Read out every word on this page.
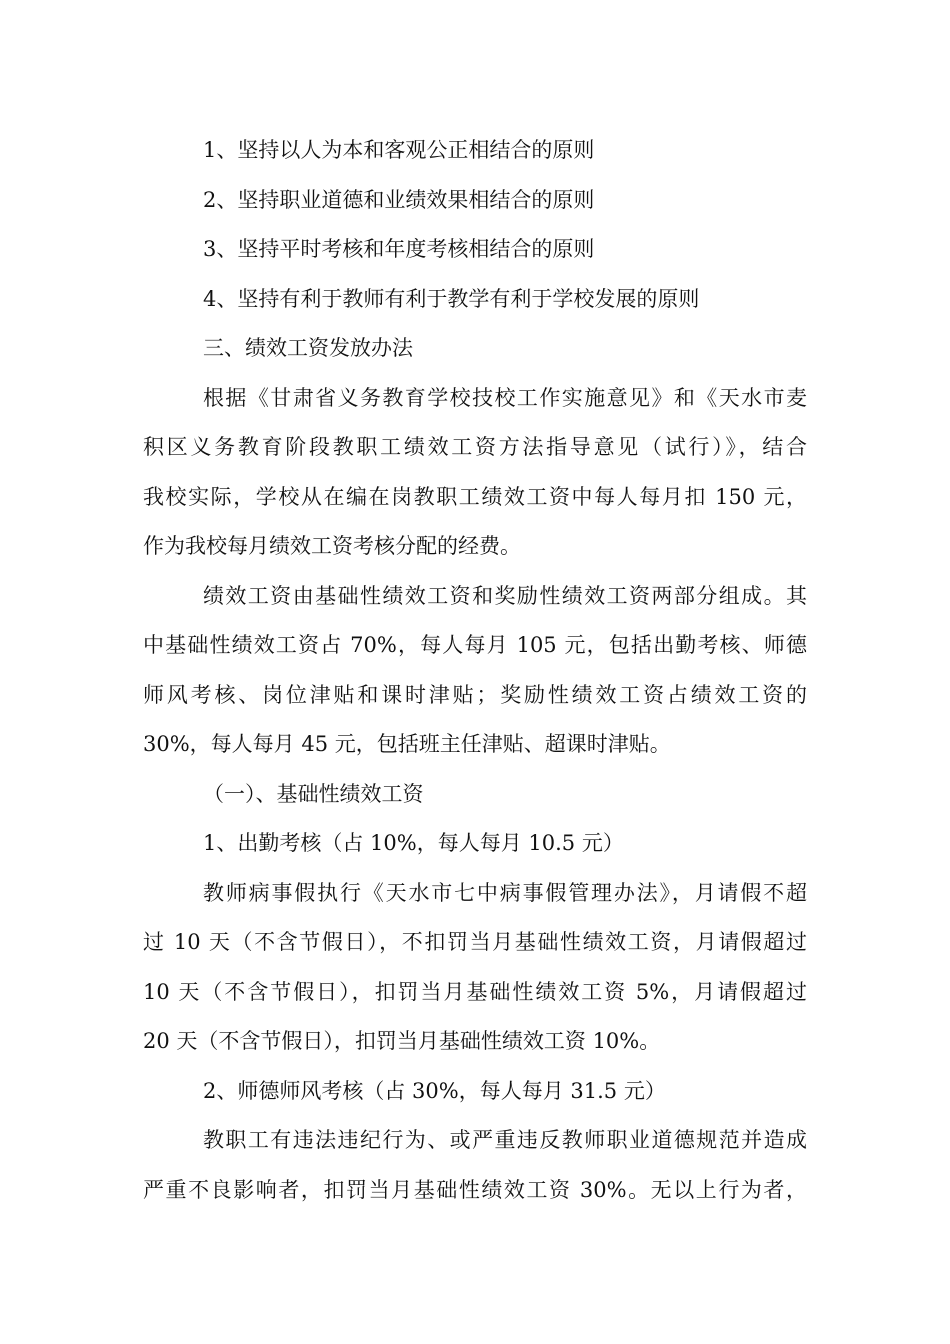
1、坚持以人为本和客观公正相结合的原则
2、坚持职业道德和业绩效果相结合的原则
3、坚持平时考核和年度考核相结合的原则
4、坚持有利于教师有利于教学有利于学校发展的原则
三、绩效工资发放办法
根据《甘肃省义务教育学校技校工作实施意见》和《天水市麦
积区义务教育阶段教职工绩效工资方法指导意见（试行）》，结合
我校实际，学校从在编在岗教职工绩效工资中每人每月扣 150 元，
作为我校每月绩效工资考核分配的经费。
绩效工资由基础性绩效工资和奖励性绩效工资两部分组成。其
中基础性绩效工资占 70%，每人每月 105 元，包括出勤考核、师德
师风考核、岗位津贴和课时津贴；奖励性绩效工资占绩效工资的
30%，每人每月 45 元，包括班主任津贴、超课时津贴。
（一）、基础性绩效工资
1、出勤考核（占 10%，每人每月 10.5 元）
教师病事假执行《天水市七中病事假管理办法》，月请假不超
过 10 天（不含节假日），不扣罚当月基础性绩效工资，月请假超过
10 天（不含节假日），扣罚当月基础性绩效工资 5%，月请假超过
20 天（不含节假日），扣罚当月基础性绩效工资 10%。
2、师德师风考核（占 30%，每人每月 31.5 元）
教职工有违法违纪行为、或严重违反教师职业道德规范并造成
严重不良影响者，扣罚当月基础性绩效工资 30%。无以上行为者，
